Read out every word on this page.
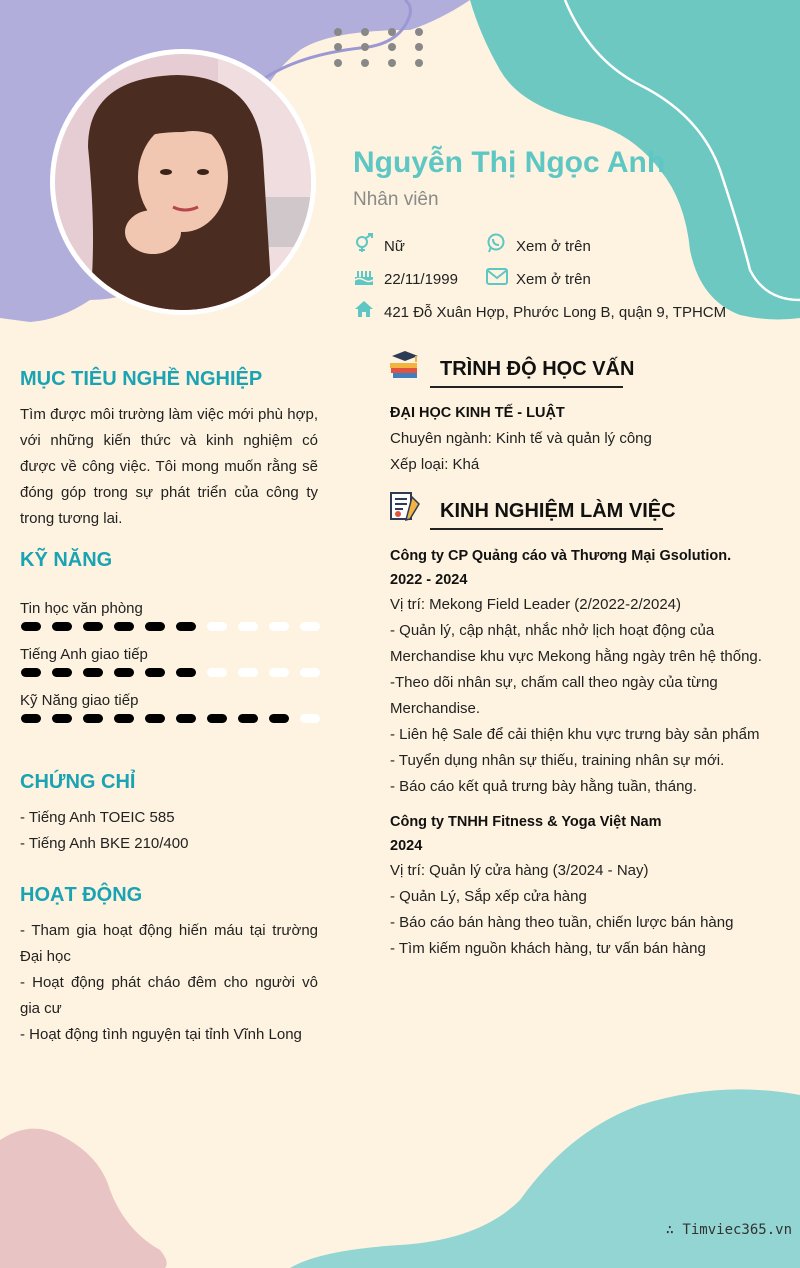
Nguyễn Thị Ngọc Anh
Nhân viên
Nữ	Xem ở trên
22/11/1999	Xem ở trên
421 Đỗ Xuân Hợp, Phước Long B, quận 9, TPHCM
MỤC TIÊU NGHỀ NGHIỆP
Tìm được môi trường làm việc mới phù hợp, với những kiến thức và kinh nghiệm có được về công việc. Tôi mong muốn rằng sẽ đóng góp trong sự phát triển của công ty trong tương lai.
KỸ NĂNG
Tin học văn phòng
Tiếng Anh giao tiếp
Kỹ Năng giao tiếp
CHỨNG CHỈ
- Tiếng Anh TOEIC 585
- Tiếng Anh BKE 210/400
HOẠT ĐỘNG
- Tham gia hoạt động hiến máu tại trường Đại học
- Hoạt động phát cháo đêm cho người vô gia cư
- Hoạt động tình nguyện tại tỉnh Vĩnh Long
TRÌNH ĐỘ HỌC VẤN
ĐẠI HỌC KINH TẾ - LUẬT
Chuyên ngành: Kinh tế và quản lý công
Xếp loại: Khá
KINH NGHIỆM LÀM VIỆC
Công ty CP Quảng cáo và Thương Mại Gsolution.
2022 - 2024
Vị trí: Mekong Field Leader (2/2022-2/2024)
- Quản lý, cập nhật, nhắc nhở lịch hoạt động của
Merchandise khu vực Mekong hằng ngày trên hệ thống.
-Theo dõi nhân sự, chấm call theo ngày của từng
Merchandise.
- Liên hệ Sale để cải thiện khu vực trưng bày sản phẩm
- Tuyển dụng nhân sự thiếu, training nhân sự mới.
- Báo cáo kết quả trưng bày hằng tuần, tháng.
Công ty TNHH Fitness & Yoga Việt Nam
2024
Vị trí: Quản lý cửa hàng (3/2024 - Nay)
- Quản Lý, Sắp xếp cửa hàng
- Báo cáo bán hàng theo tuần, chiến lược bán hàng
- Tìm kiếm nguồn khách hàng, tư vấn bán hàng
∴ Timviec365.vn
